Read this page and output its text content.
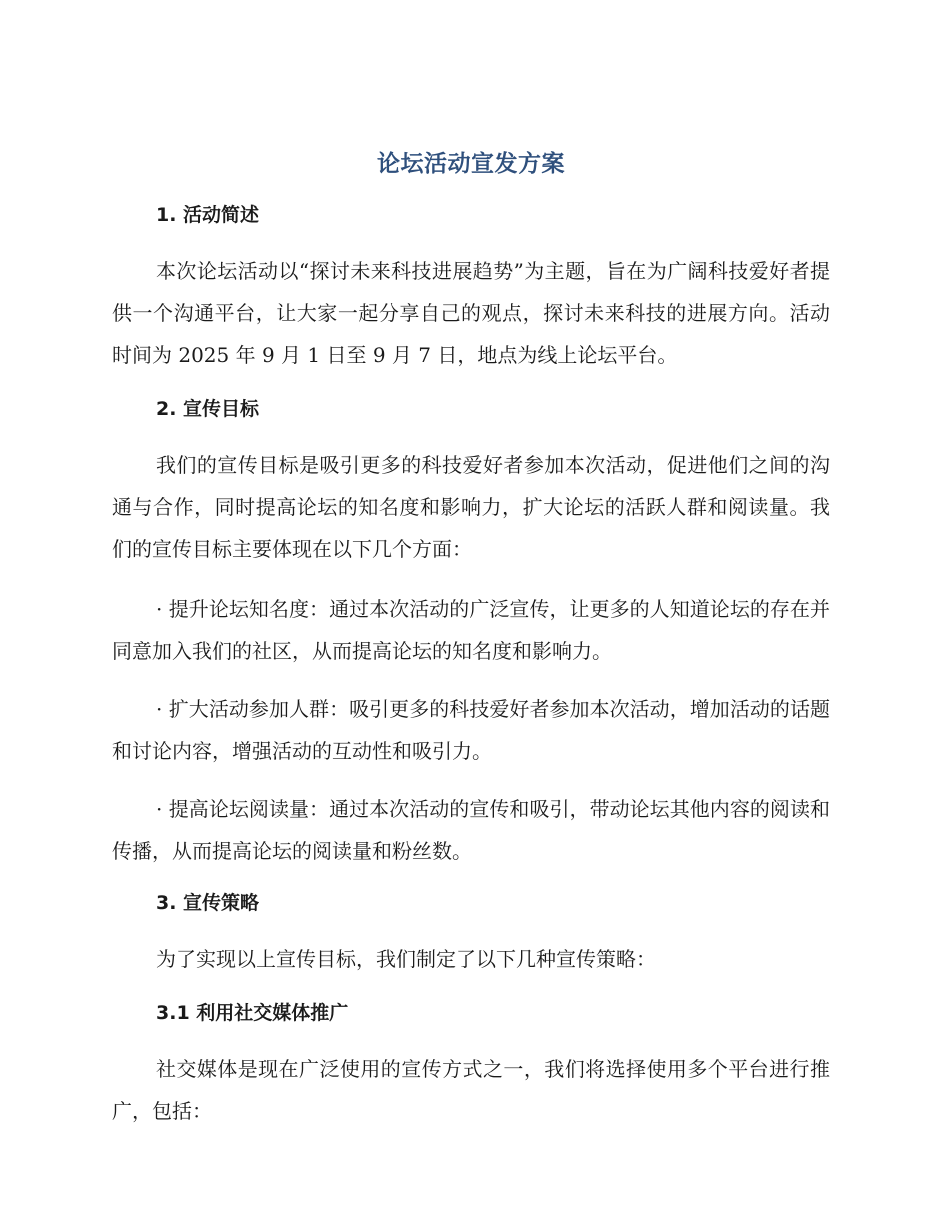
论坛活动宣发方案
1. 活动简述

本次论坛活动以“探讨未来科技进展趋势”为主题，旨在为广阔科技爱好者提供一个沟通平台，让大家一起分享自己的观点，探讨未来科技的进展方向。活动时间为 2025 年 9 月 1 日至 9 月 7 日，地点为线上论坛平台。

2. 宣传目标

我们的宣传目标是吸引更多的科技爱好者参加本次活动，促进他们之间的沟通与合作，同时提高论坛的知名度和影响力，扩大论坛的活跃人群和阅读量。我们的宣传目标主要体现在以下几个方面：

· 提升论坛知名度：通过本次活动的广泛宣传，让更多的人知道论坛的存在并同意加入我们的社区，从而提高论坛的知名度和影响力。

· 扩大活动参加人群：吸引更多的科技爱好者参加本次活动，增加活动的话题和讨论内容，增强活动的互动性和吸引力。

· 提高论坛阅读量：通过本次活动的宣传和吸引，带动论坛其他内容的阅读和传播，从而提高论坛的阅读量和粉丝数。

3. 宣传策略

为了实现以上宣传目标，我们制定了以下几种宣传策略：

3.1 利用社交媒体推广

社交媒体是现在广泛使用的宣传方式之一，我们将选择使用多个平台进行推广，包括：
